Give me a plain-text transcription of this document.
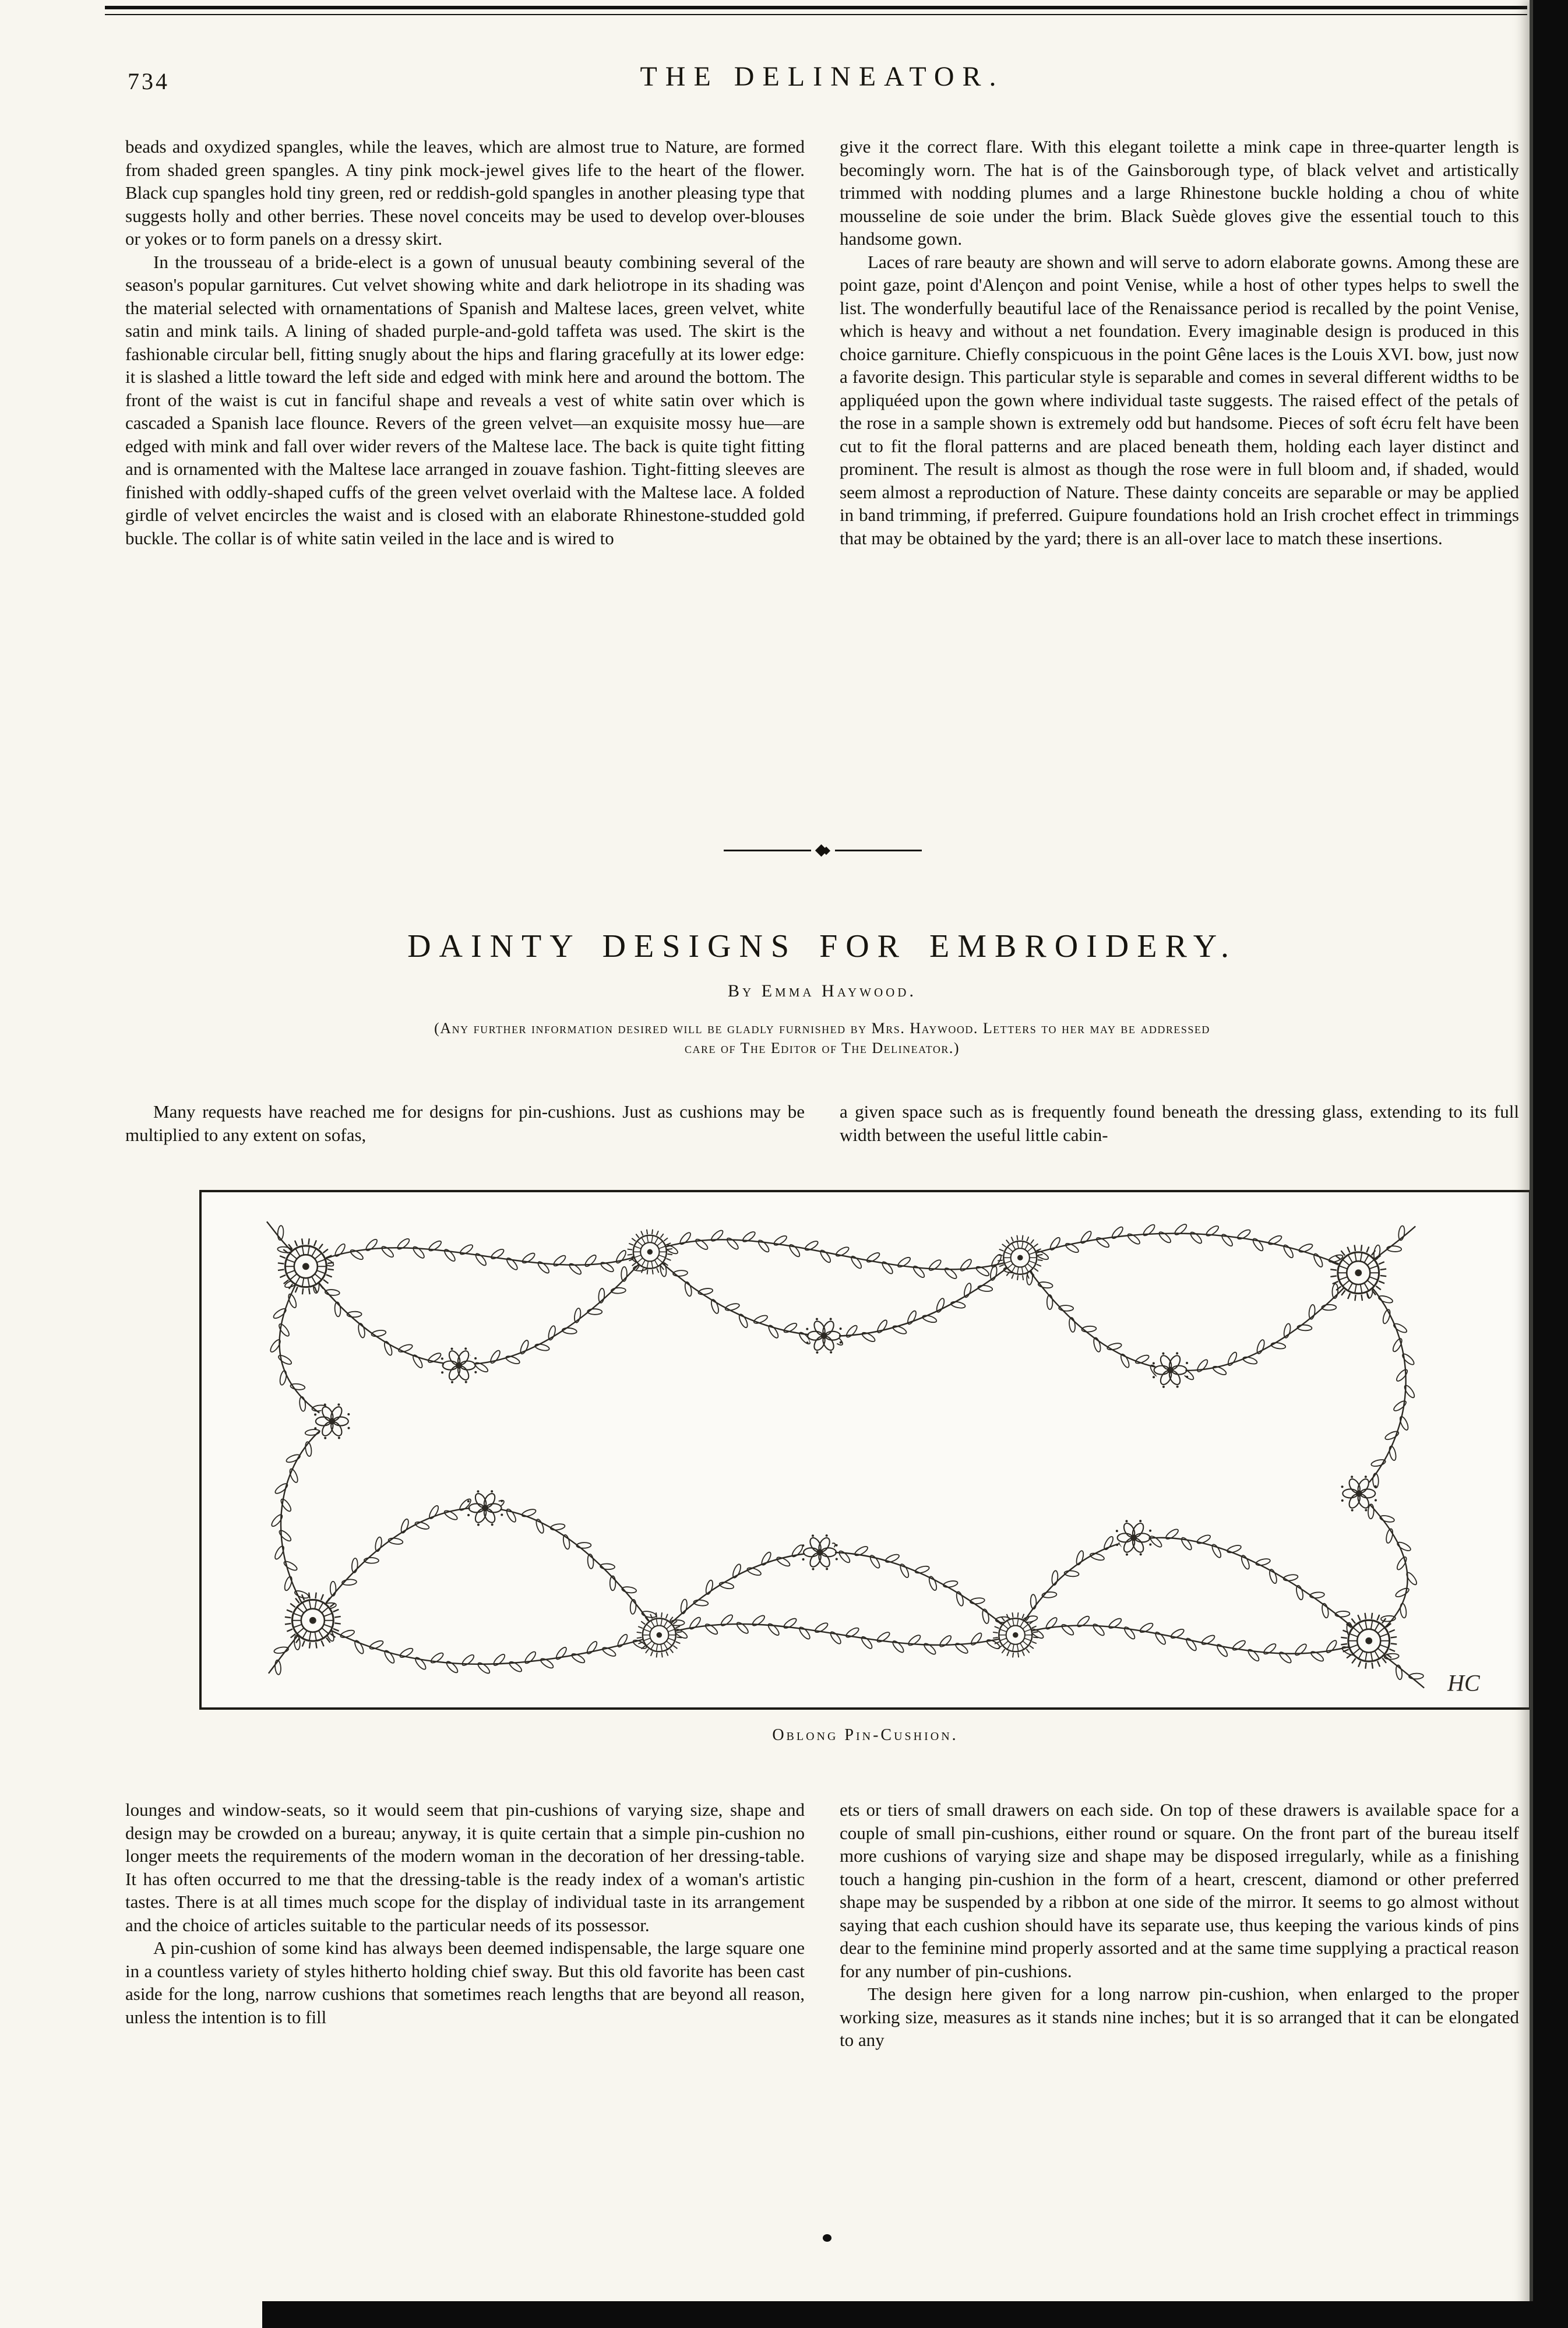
734	THE DELINEATOR.

beads and oxydized spangles, while the leaves, which are almost true to Nature, are formed from shaded green spangles. A tiny pink mock-jewel gives life to the heart of the flower. Black cup spangles hold tiny green, red or reddish-gold spangles in another pleasing type that suggests holly and other berries. These novel conceits may be used to develop over-blouses or yokes or to form panels on a dressy skirt.

In the trousseau of a bride-elect is a gown of unusual beauty combining several of the season's popular garnitures. Cut velvet showing white and dark heliotrope in its shading was the material selected with ornamentations of Spanish and Maltese laces, green velvet, white satin and mink tails. A lining of shaded purple-and-gold taffeta was used. The skirt is the fashionable circular bell, fitting snugly about the hips and flaring gracefully at its lower edge: it is slashed a little toward the left side and edged with mink here and around the bottom. The front of the waist is cut in fanciful shape and reveals a vest of white satin over which is cascaded a Spanish lace flounce. Revers of the green velvet—an exquisite mossy hue—are edged with mink and fall over wider revers of the Maltese lace. The back is quite tight fitting and is ornamented with the Maltese lace arranged in zouave fashion. Tight-fitting sleeves are finished with oddly-shaped cuffs of the green velvet overlaid with the Maltese lace. A folded girdle of velvet encircles the waist and is closed with an elaborate Rhinestone-studded gold buckle. The collar is of white satin veiled in the lace and is wired to

give it the correct flare. With this elegant toilette a mink cape in three-quarter length is becomingly worn. The hat is of the Gainsborough type, of black velvet and artistically trimmed with nodding plumes and a large Rhinestone buckle holding a chou of white mousseline de soie under the brim. Black Suède gloves give the essential touch to this handsome gown.

Laces of rare beauty are shown and will serve to adorn elaborate gowns. Among these are point gaze, point d'Alençon and point Venise, while a host of other types helps to swell the list. The wonderfully beautiful lace of the Renaissance period is recalled by the point Venise, which is heavy and without a net foundation. Every imaginable design is produced in this choice garniture. Chiefly conspicuous in the point Gêne laces is the Louis XVI. bow, just now a favorite design. This particular style is separable and comes in several different widths to be appliquéed upon the gown where individual taste suggests. The raised effect of the petals of the rose in a sample shown is extremely odd but handsome. Pieces of soft écru felt have been cut to fit the floral patterns and are placed beneath them, holding each layer distinct and prominent. The result is almost as though the rose were in full bloom and, if shaded, would seem almost a reproduction of Nature. These dainty conceits are separable or may be applied in band trimming, if preferred. Guipure foundations hold an Irish crochet effect in trimmings that may be obtained by the yard; there is an all-over lace to match these insertions.

DAINTY DESIGNS FOR EMBROIDERY.
By Emma Haywood.
(Any further information desired will be gladly furnished by Mrs. Haywood. Letters to her may be addressed
care of The Editor of The Delineator.)

Many requests have reached me for designs for pin-cushions. Just as cushions may be multiplied to any extent on sofas,

a given space such as is frequently found beneath the dressing glass, extending to its full width between the useful little cabin-

HC
Oblong Pin-Cushion.

lounges and window-seats, so it would seem that pin-cushions of varying size, shape and design may be crowded on a bureau; anyway, it is quite certain that a simple pin-cushion no longer meets the requirements of the modern woman in the decoration of her dressing-table. It has often occurred to me that the dressing-table is the ready index of a woman's artistic tastes. There is at all times much scope for the display of individual taste in its arrangement and the choice of articles suitable to the particular needs of its possessor.

A pin-cushion of some kind has always been deemed indispensable, the large square one in a countless variety of styles hitherto holding chief sway. But this old favorite has been cast aside for the long, narrow cushions that sometimes reach lengths that are beyond all reason, unless the intention is to fill

ets or tiers of small drawers on each side. On top of these drawers is available space for a couple of small pin-cushions, either round or square. On the front part of the bureau itself more cushions of varying size and shape may be disposed irregularly, while as a finishing touch a hanging pin-cushion in the form of a heart, crescent, diamond or other preferred shape may be suspended by a ribbon at one side of the mirror. It seems to go almost without saying that each cushion should have its separate use, thus keeping the various kinds of pins dear to the feminine mind properly assorted and at the same time supplying a practical reason for any number of pin-cushions.

The design here given for a long narrow pin-cushion, when enlarged to the proper working size, measures as it stands nine inches; but it is so arranged that it can be elongated to any
